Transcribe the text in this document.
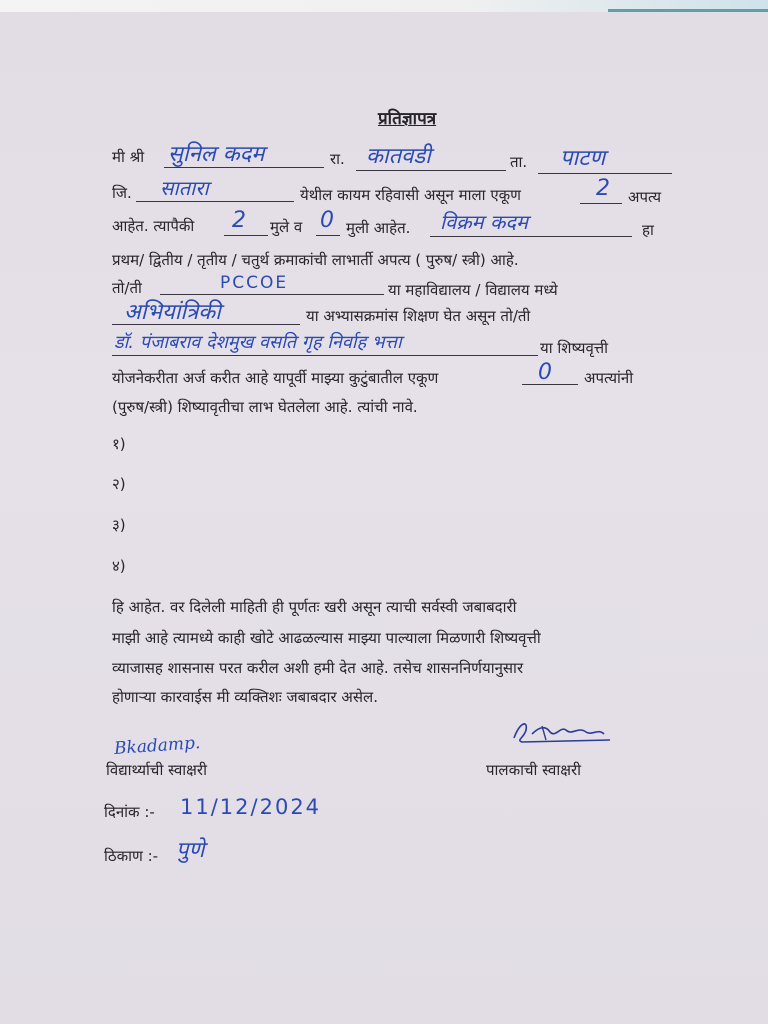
प्रतिज्ञापत्र
मी श्री सुनिल कदम	रा. कातवडी	ता. पाटण
जि. सातारा	येथील कायम रहिवासी असून माला एकूण	2 अपत्य
आहेत. त्यापैकी 2 मुले व 0 मुली आहेत. विक्रम कदम	हा
प्रथम/ द्वितीय / तृतीय / चतुर्थ क्रमाकांची लाभार्ती अपत्य ( पुरुष/ स्त्री) आहे.
तो/ती	PCCOE	या महाविद्यालय / विद्यालय मध्ये
अभियांत्रिकी	या अभ्यासक्रमांस शिक्षण घेत असून तो/ती
डॉ. पंजाबराव देशमुख वसति गृह निर्वाह भत्ता	या शिष्यवृत्ती
योजनेकरीता अर्ज करीत आहे यापूर्वी माझ्या कुटुंबातील एकूण	0 अपत्यांनी
(पुरुष/स्त्री) शिष्यावृतीचा लाभ घेतलेला आहे. त्यांची नावे.
१)
२)
३)
४)
हि आहेत. वर दिलेली माहिती ही पूर्णतः खरी असून त्याची सर्वस्वी जबाबदारी
माझी आहे त्यामध्ये काही खोटे आढळल्यास माझ्या पाल्याला मिळणारी शिष्यवृत्ती
व्याजासह शासनास परत करील अशी हमी देत आहे. तसेच शासननिर्णयानुसार
होणाऱ्या कारवाईस मी व्यक्तिशः जबाबदार असेल.
Bkadamp.
विद्यार्थ्याची स्वाक्षरी	पालकाची स्वाक्षरी
दिनांक :- 11/12/2024
ठिकाण :- पुणे
